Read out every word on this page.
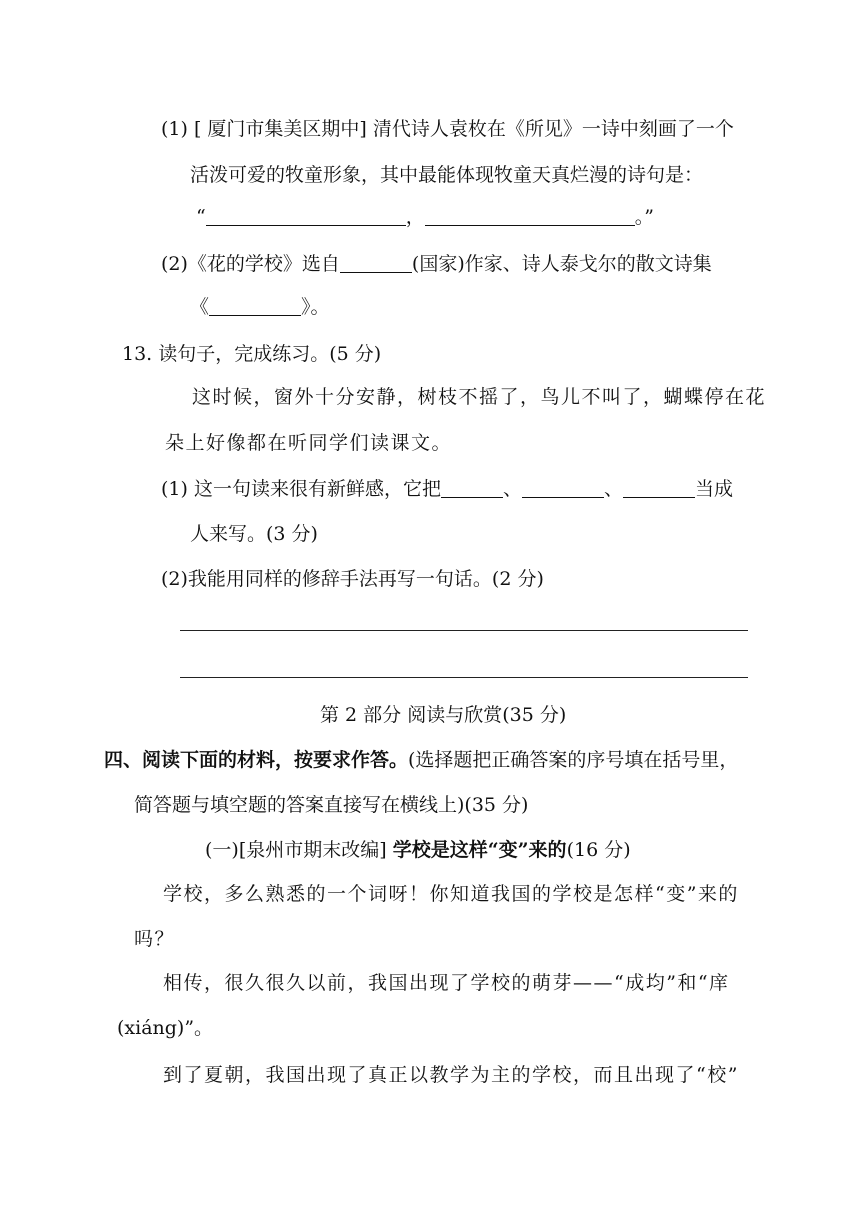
(1) [ 厦门市集美区期中] 清代诗人袁枚在《所见》一诗中刻画了一个
活泼可爱的牧童形象，其中最能体现牧童天真烂漫的诗句是：
“	，	。”
(2)《花的学校》选自	(国家)作家、诗人泰戈尔的散文诗集
《	》。
13. 读句子，完成练习。(5 分)
这时候，窗外十分安静，树枝不摇了，鸟儿不叫了，蝴蝶停在花
朵上好像都在听同学们读课文。
(1) 这一句读来很有新鲜感，它把	、	、	当成
人来写。(3 分)
(2)我能用同样的修辞手法再写一句话。(2 分)
第 2 部分 阅读与欣赏(35 分)
四、阅读下面的材料，按要求作答。(选择题把正确答案的序号填在括号里，
简答题与填空题的答案直接写在横线上)(35 分)
(一)[泉州市期末改编] 学校是这样“变”来的(16 分)
学校，多么熟悉的一个词呀！你知道我国的学校是怎样“变”来的
吗？
相传，很久很久以前，我国出现了学校的萌芽——“成均”和“庠
(xiáng)”。
到了夏朝，我国出现了真正以教学为主的学校，而且出现了“校”
